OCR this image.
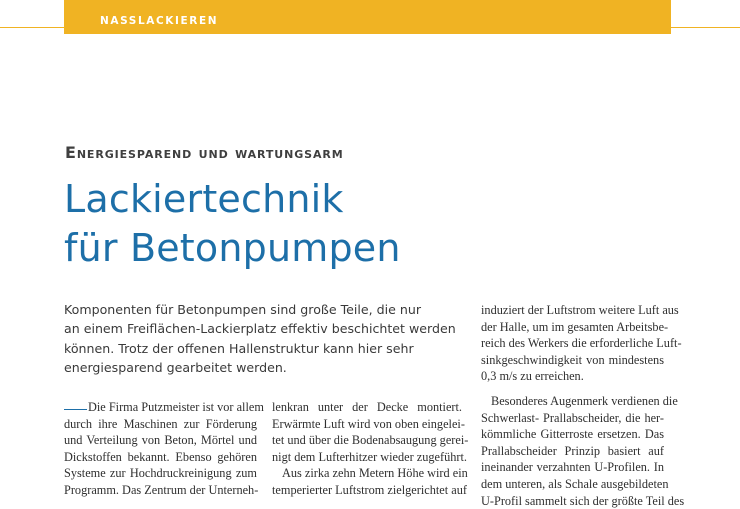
NASSLACKIEREN
Energiesparend und wartungsarm
Lackiertechnik
für Betonpumpen
Komponenten für Betonpumpen sind große Teile, die nur
an einem Freiflächen-Lackierplatz effektiv beschichtet werden
können. Trotz der offenen Hallenstruktur kann hier sehr
energiesparend gearbeitet werden.
Die Firma Putzmeister ist vor allem
durch ihre Maschinen zur Förderung
und Verteilung von Beton, Mörtel und
Dickstoffen bekannt. Ebenso gehören
Systeme zur Hochdruckreinigung zum
Programm. Das Zentrum der Unterneh-
lenkran unter der Decke montiert.
Erwärmte Luft wird von oben eingelei-
tet und über die Bodenabsaugung gerei-
nigt dem Lufterhitzer wieder zugeführt.
Aus zirka zehn Metern Höhe wird ein
temperierter Luftstrom zielgerichtet auf
induziert der Luftstrom weitere Luft aus
der Halle, um im gesamten Arbeitsbe-
reich des Werkers die erforderliche Luft-
sinkgeschwindigkeit von mindestens
0,3 m/s zu erreichen.
Besonderes Augenmerk verdienen die
Schwerlast- Prallabscheider, die her-
kömmliche Gitterroste ersetzen. Das
Prallabscheider Prinzip basiert auf
ineinander verzahnten U-Profilen. In
dem unteren, als Schale ausgebildeten
U-Profil sammelt sich der größte Teil des
